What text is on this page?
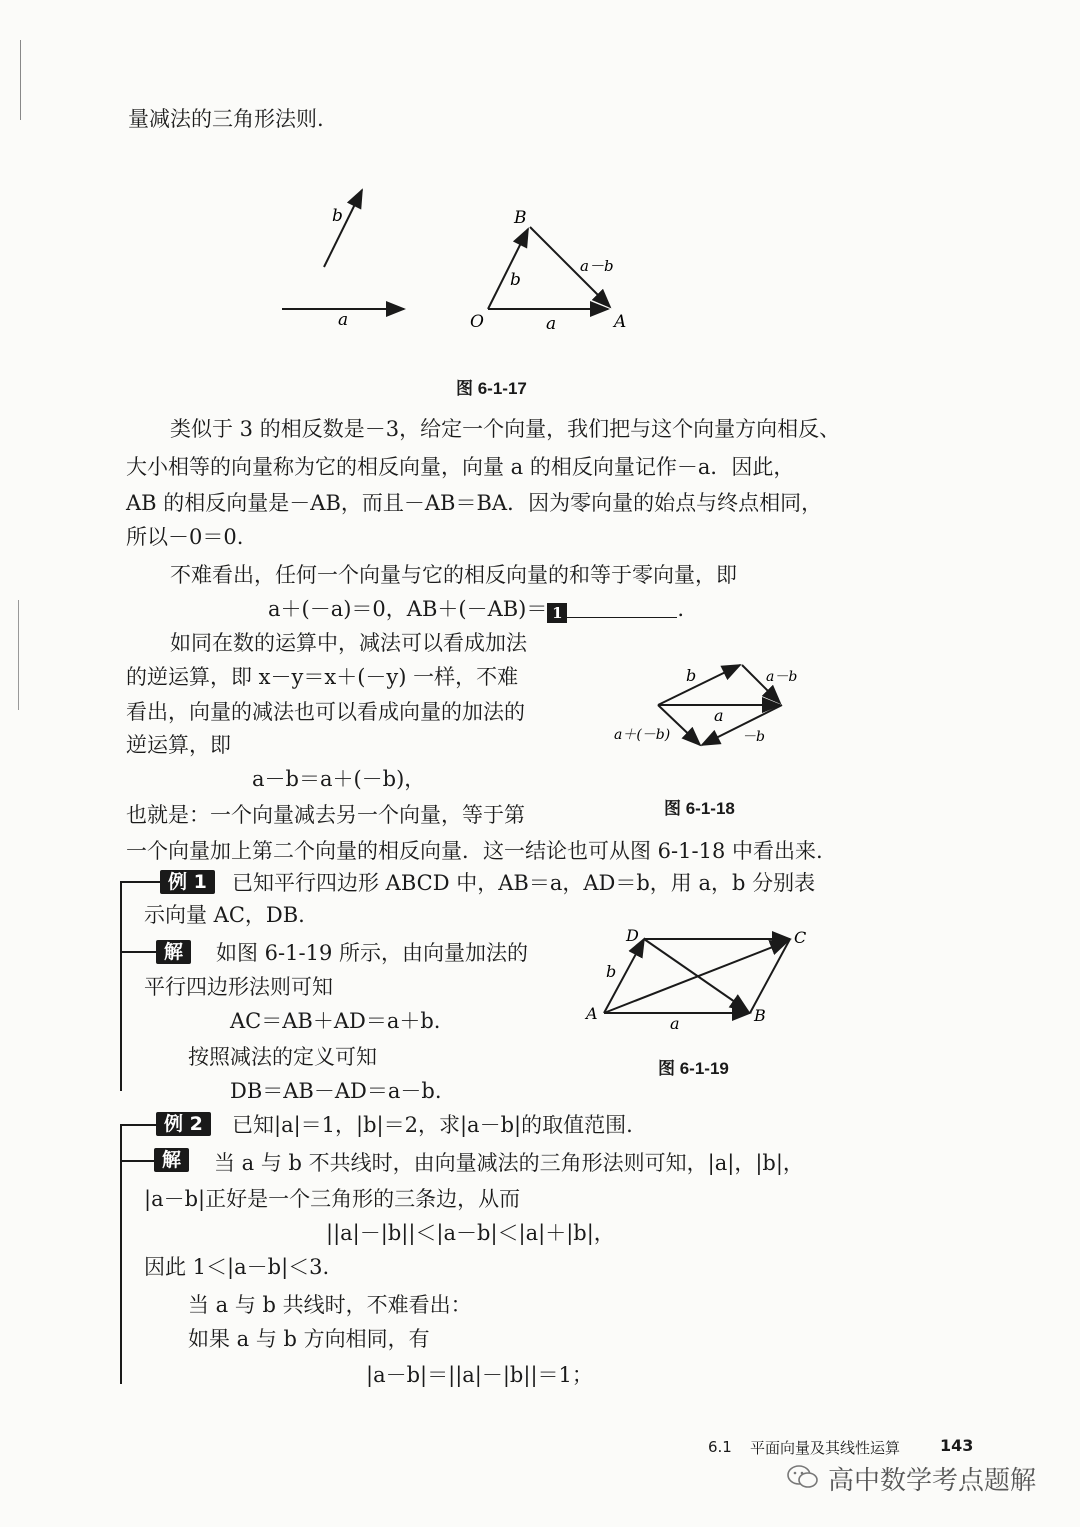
量减法的三角形法则.
b
a
B
O	A
a－b
b
a
图 6-1-17
类似于 3 的相反数是－3，给定一个向量，我们把与这个向量方向相反、
大小相等的向量称为它的相反向量，向量 a 的相反向量记作－a．因此，
AB 的相反向量是－AB，而且－AB＝BA．因为零向量的始点与终点相同，
所以－0＝0.
不难看出，任何一个向量与它的相反向量的和等于零向量，即
a＋(－a)＝0，AB＋(－AB)＝ 1	.
如同在数的运算中，减法可以看成加法
的逆运算，即 x－y＝x＋(－y) 一样，不难
看出，向量的减法也可以看成向量的加法的
逆运算，即
a－b＝a＋(－b)，
也就是：一个向量减去另一个向量，等于第
一个向量加上第二个向量的相反向量．这一结论也可从图 6-1-18 中看出来.
b	a－b
a
a＋(－b)	－b
图 6-1-18
例 1	已知平行四边形 ABCD 中，AB＝a，AD＝b，用 a，b 分别表
示向量 AC，DB.
解	如图 6-1-19 所示，由向量加法的
平行四边形法则可知
AC＝AB＋AD＝a＋b.
按照减法的定义可知
DB＝AB－AD＝a－b.
D	C
A	B
b
a
图 6-1-19
例 2	已知|a|＝1，|b|＝2，求|a－b|的取值范围.
解	当 a 与 b 不共线时，由向量减法的三角形法则可知，|a|，|b|，
|a－b|正好是一个三角形的三条边，从而
||a|－|b||＜|a－b|＜|a|＋|b|，
因此 1＜|a－b|＜3.
当 a 与 b 共线时，不难看出：
如果 a 与 b 方向相同，有
|a－b|＝||a|－|b||＝1；
6.1 平面向量及其线性运算 143
高中数学考点题解
